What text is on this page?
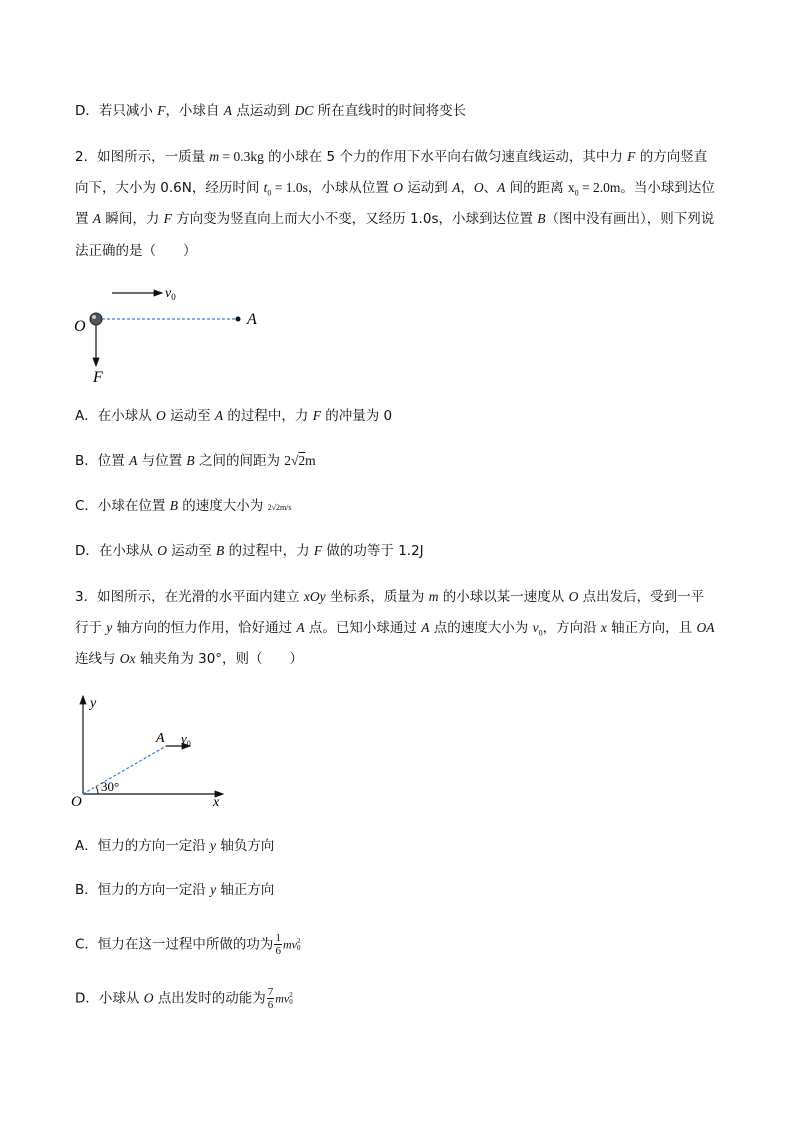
D．若只减小 F，小球自 A 点运动到 DC 所在直线时的时间将变长
2．如图所示，一质量 m = 0.3kg 的小球在 5 个力的作用下水平向右做匀速直线运动，其中力 F 的方向竖直
向下，大小为 0.6N，经历时间 $t_0 = 1.0s$，小球从位置 O 运动到 A，O、A 间的距离 $x_0 = 2.0m$。当小球到达位
置 A 瞬间，力 F 方向变为竖直向上而大小不变，又经历 1.0s，小球到达位置 B（图中没有画出），则下列说
法正确的是（　　）
$v_0$
O	A
F
A．在小球从 O 运动至 A 的过程中，力 F 的冲量为 0
B．位置 A 与位置 B 之间的间距为 2√2m
C．小球在位置 B 的速度大小为 2√2m/s
D．在小球从 O 运动至 B 的过程中，力 F 做的功等于 1.2J
3．如图所示，在光滑的水平面内建立 xOy 坐标系，质量为 m 的小球以某一速度从 O 点出发后，受到一平
行于 y 轴方向的恒力作用，恰好通过 A 点。已知小球通过 A 点的速度大小为 $v_0$，方向沿 x 轴正方向，且 OA
连线与 Ox 轴夹角为 30°，则（　　）
y
x
O
A $v_0$
30°
A．恒力的方向一定沿 y 轴负方向
B．恒力的方向一定沿 y 轴正方向
C．恒力在这一过程中所做的功为 $\frac{1}{6}$ mv 2
0
D．小球从 O 点出发时的动能为 $\frac{7}{6}$ mv 2
0
